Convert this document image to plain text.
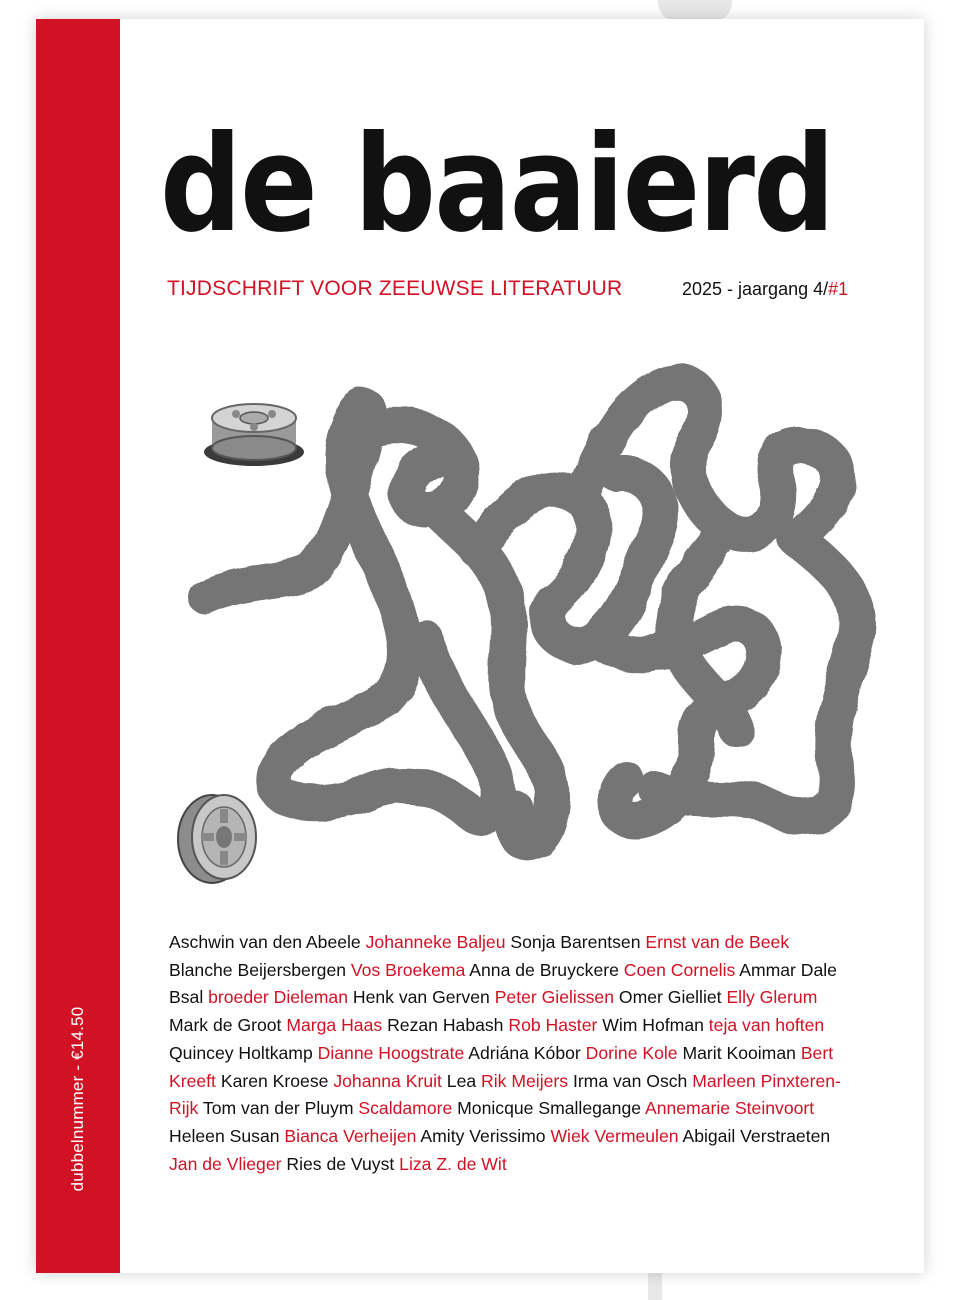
dubbelnummer - €14.50
de baaierd
TIJDSCHRIFT VOOR ZEEUWSE LITERATUUR	2025 - jaargang 4/#1
Aschwin van den Abeele Johanneke Baljeu Sonja Barentsen Ernst van de Beek Blanche Beijersbergen Vos Broekema Anna de Bruyckere Coen Cornelis Ammar Dale Bsal broeder Dieleman Henk van Gerven Peter Gielissen Omer Gielliet Elly Glerum Mark de Groot Marga Haas Rezan Habash Rob Haster Wim Hofman teja van hoften Quincey Holtkamp Dianne Hoogstrate Adriána Kóbor Dorine Kole Marit Kooiman Bert Kreeft Karen Kroese Johanna Kruit Lea Rik Meijers Irma van Osch Marleen Pinxteren-Rijk Tom van der Pluym Scaldamore Monicque Smallegange Annemarie Steinvoort Heleen Susan Bianca Verheijen Amity Verissimo Wiek Vermeulen Abigail Verstraeten Jan de Vlieger Ries de Vuyst Liza Z. de Wit
